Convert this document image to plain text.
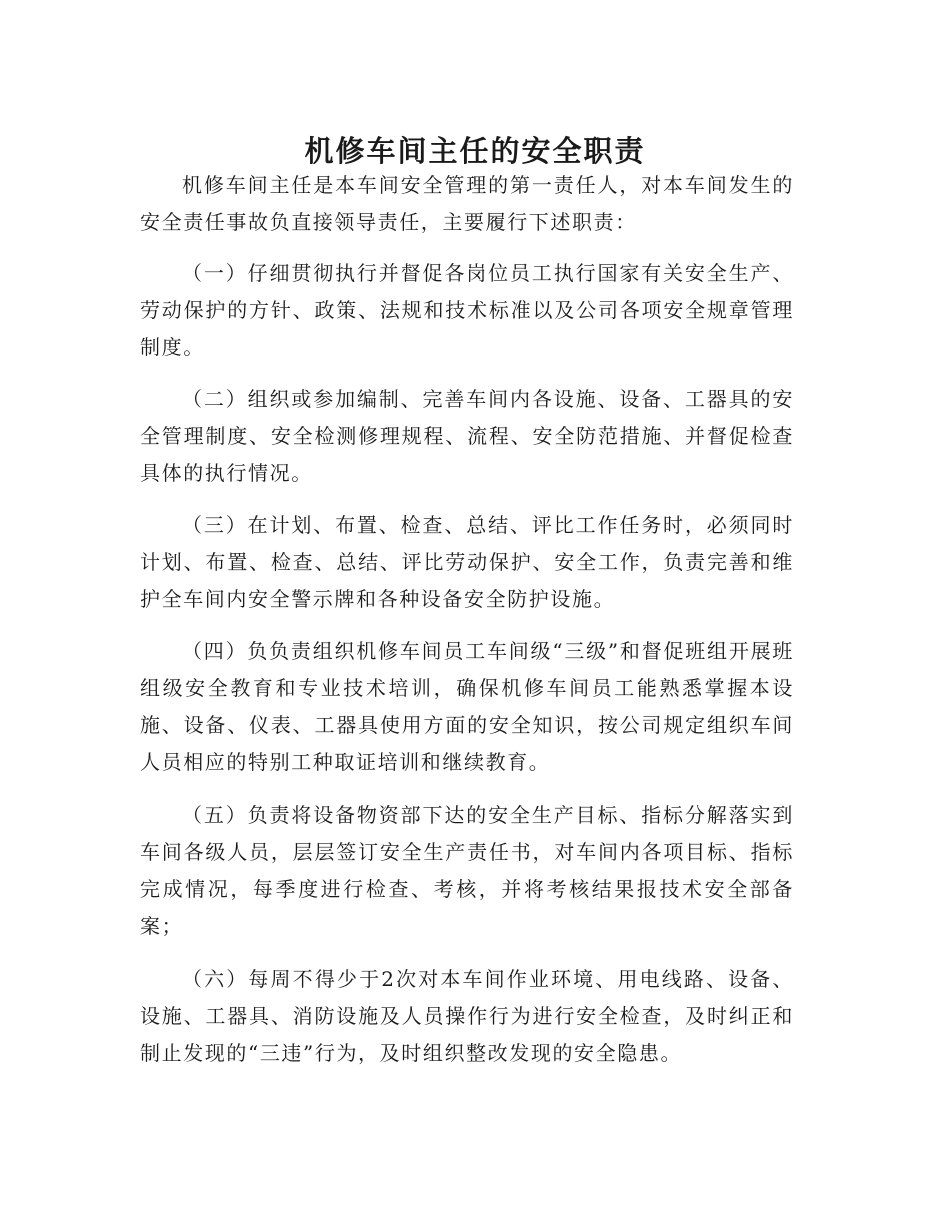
机修车间主任的安全职责

机修车间主任是本车间安全管理的第一责任人，对本车间发生的安全责任事故负直接领导责任，主要履行下述职责：

（一）仔细贯彻执行并督促各岗位员工执行国家有关安全生产、劳动保护的方针、政策、法规和技术标准以及公司各项安全规章管理制度。

（二）组织或参加编制、完善车间内各设施、设备、工器具的安全管理制度、安全检测修理规程、流程、安全防范措施、并督促检查具体的执行情况。

（三）在计划、布置、检查、总结、评比工作任务时，必须同时计划、布置、检查、总结、评比劳动保护、安全工作，负责完善和维护全车间内安全警示牌和各种设备安全防护设施。

（四）负负责组织机修车间员工车间级“三级”和督促班组开展班组级安全教育和专业技术培训，确保机修车间员工能熟悉掌握本设施、设备、仪表、工器具使用方面的安全知识，按公司规定组织车间人员相应的特别工种取证培训和继续教育。

（五）负责将设备物资部下达的安全生产目标、指标分解落实到车间各级人员，层层签订安全生产责任书，对车间内各项目标、指标完成情况，每季度进行检查、考核，并将考核结果报技术安全部备案；

（六）每周不得少于2次对本车间作业环境、用电线路、设备、设施、工器具、消防设施及人员操作行为进行安全检查，及时纠正和制止发现的“三违”行为，及时组织整改发现的安全隐患。
